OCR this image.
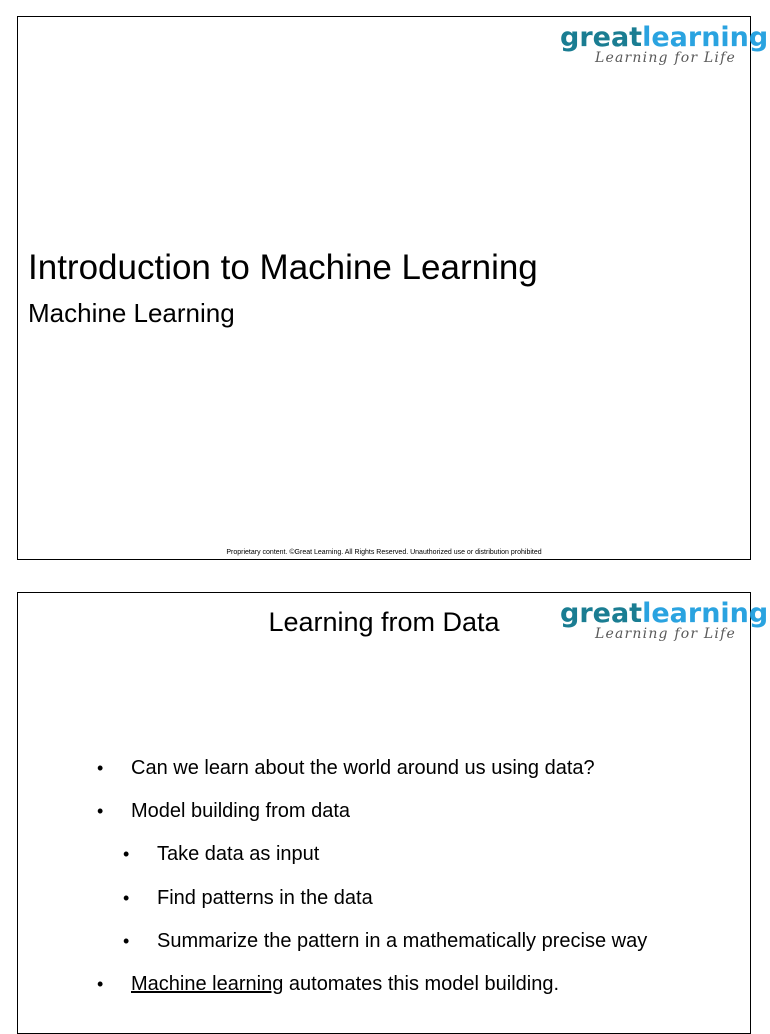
greatlearning
Learning for Life
Introduction to Machine Learning
Machine Learning
Proprietary content. ©Great Learning. All Rights Reserved. Unauthorized use or distribution prohibited
greatlearning
Learning for Life
Learning from Data
• Can we learn about the world around us using data?
• Model building from data
• Take data as input
• Find patterns in the data
• Summarize the pattern in a mathematically precise way
• Machine learning automates this model building.
